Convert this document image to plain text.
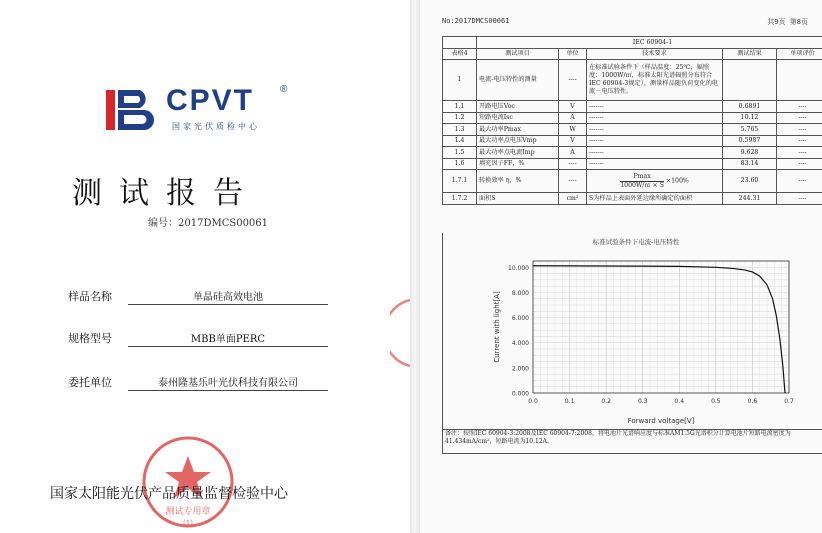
CPVT	®
国家光伏质检中心
测试报告
编号：2017DMCS00061
样品名称	单晶硅高效电池
规格型号	MBB单面PERC
委托单位	泰州隆基乐叶光伏科技有限公司
测试专用章
(1)
国家太阳能光伏产品质量监督检验中心
No:2017DMCS00061	共9页 第8页
	IEC 60904-1				
表格4	测试项目	单位	技术要求	测试结果	单项评价
1	电流-电压特性的测量	----	在标准试验条件下（样品温度：25℃，辐照度：1000W/㎡，标准太阳光谱辐照分布符合IEC 60904-3规定），测量样品随负荷变化的电流－电压特性。		
1.1	开路电压Voc	V	-------	0.6891	----
1.2	短路电流Isc	A	-------	10.12	----
1.3	最大功率Pmax	W	-------	5.765	----
1.4	最大功率点电压Vmp	V	-------	0.5987	----
1.5	最大功率点电流Imp	A	-------	9.628	----
1.6	填充因子FF，%	----	-------	83.14	----
1.7.1	转换效率 η，%	----	Pmax
1000W/㎡ × S
×100%	23.60	----
1.7.2	面积S	cm²	S为样品上表面外延边缘所确定的面积	244.31	----
标准试验条件下电流-电压特性
0.000
2.000
4.000
6.000
8.000
10.000
0.0	0.1	0.2	0.3	0.4	0.5	0.6	0.7
Current with light[A]
Forward voltage[V]
备注：按照IEC 60904-3:2008及IEC 60904-7:2008，将电池片光谱响应度与标准AM1.5G光谱积分计算电池片短路电流密度为41.434mA/cm²，短路电流为10.12A。
